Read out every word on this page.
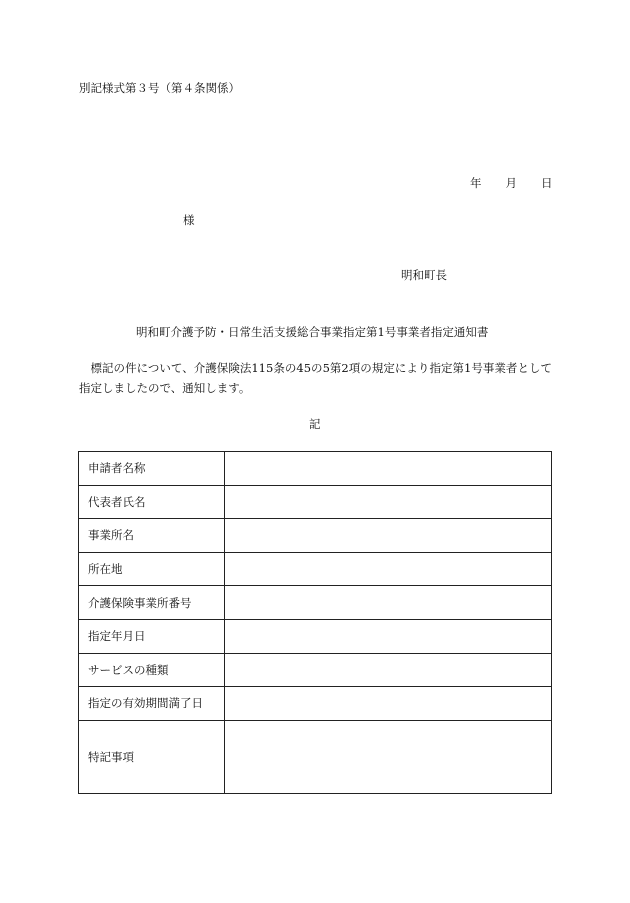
別記様式第３号（第４条関係）
年 月 日
様
明和町長
明和町介護予防・日常生活支援総合事業指定第1号事業者指定通知書
標記の件について、介護保険法115条の45の5第2項の規定により指定第1号事業者として指定しましたので、通知します。
記
申請者名称	
代表者氏名	
事業所名	
所在地	
介護保険事業所番号	
指定年月日	
サービスの種類	
指定の有効期間満了日	
特記事項	
